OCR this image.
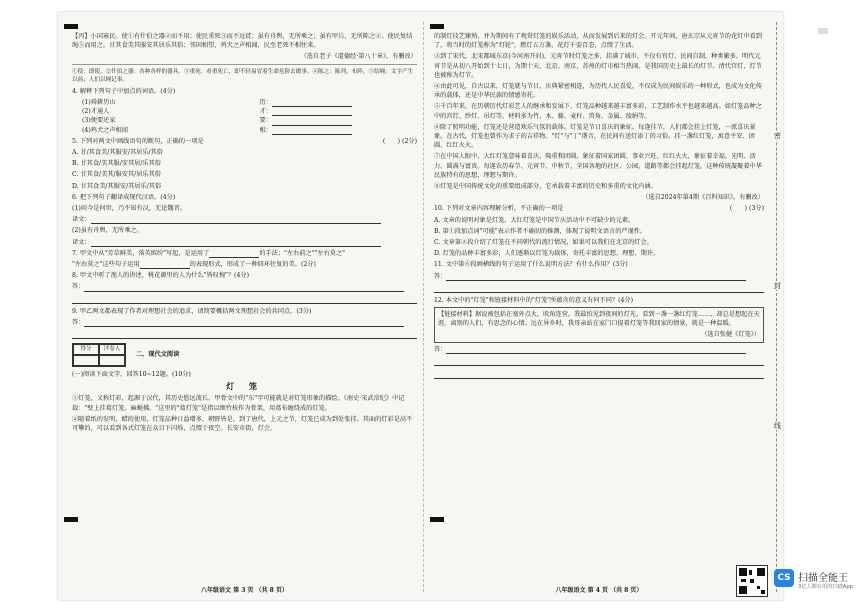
【丙】小国寡民。使①有什伯之器②而不用；使民重死③而不远徙；虽有舟舆，无所乘之；虽有甲兵，无所陈之④。使民复结绳⑤而用之。甘其食美其服安其居乐其俗；邻国相望，鸡犬之声相闻，民至老死不相往来。

（选自老子《道德经·第八十章》，有删改）

①使：即使。②什伯之器：各种各样的器具。③重死：看重死亡，即不轻易冒着生命危险去做事。④陈之：陈列，布阵。⑤结绳：文字产生以前，人们以绳记事。

4. 解释下列句子中加点的词语。(4分)

(1)舜耕历山	历：
(2)才通人	才：
(3)便要还家	要：
(4)鸡犬之声相闻	相：

5. 下列对两文中画线语句的断句，正确的一项是	(　　) (2分)

A. 甘/其食美/其服安/其居乐/其俗

B. 甘其食/美其服/安其居/乐其俗

C. 甘其食/美其/服安其/居乐其俗

D. 甘其食美/其服安/其居乐/其俗

6. 把下列句子翻译成现代汉语。(4分)

(1)问今是何世，乃不知有汉，无论魏晋。

译文：

(2)虽有舟舆，无所乘之。

译文：

7. 甲文中从"芳草鲜美，落英缤纷"写起，是运用了	的手法；"左右前之""左右莫之"

"左右莫之"这些句子运用	的表现形式，形成了一种回环往复的美。(2分)

8. 甲文中听了渔人的讲述，桃花源里的人为什么"皆叹惋"？(4分)

答：

9. 甲乙两文都表现了作者对理想社会的追求，请简要概括两文理想社会的共同点。(3分)

答：

得分	评卷人
二、现代文阅读

(一)阅读下面文字，回答10~12题。(10分)

灯 笼

①灯笼，又称灯彩，起源于汉代，其历史悠远流长。甲骨文中的"东"字可能就是对灯笼形象的描绘。《南史·宋武帝纪》中记载："壁上挂葛灯笼、麻蝇拂。"这里的"葛灯笼"是指以细竹枝作为骨架，用葛布缠绕成的灯笼。

②随着纸的发明，蜡的使用，灯笼品种日益增多，朝野皆是。到了唐代，上元之节，灯笼已成为到处张挂。其面的灯彩是高不可攀的，可以看到各式灯笼在众目下闪烁，点缀于夜空。长安市街，灯会，

八年级语文 第 3 页 （共 8 页）

的制灯技艺臻熟，并为期间有了观赏灯笼的娱乐活动，从而发展到后来的灯会。开元年间，唐玄宗从元宵节的花灯中看到了，将当时的灯笼称为"灯轮"，燃灯五万盏，花灯千姿百态，点缀了生活。

③到了宋代，北宋都城东京(今河南开封)，元宵节时灯笼之多，挂满了城市，不仅有官灯，民间自制，种类繁多。明代元宵节是从初八开始到十七日，为期十天，北京、南京、苏州的灯市相当热闹，是我国历史上最长的灯节。清代宫灯，灯节也被称为灯节。

④由此可见，自古以来，灯笼就与节日、庆典紧密相连，为历代人民喜爱，不仅成为民间娱乐的一种形式，也成为文化传承的载体，还是中华民族的情感寄托。

⑤千百年来，在历朝历代灯彩艺人的继承和发展下，灯笼品种越来越丰富多彩，工艺制作水平也越来越高。如灯笼品种之中的宫灯、纱灯、吊灯等，材料多为竹、木、藤、麦秆、兽角、金属、绫绢等。

⑥除了照明功能，灯笼还是营造欢乐气氛的载体。灯笼是节日喜庆的象征。每逢佳节，人们都会挂上灯笼，一派喜庆景象。在古代，灯笼也曾作为求子的吉祥物。"灯"与"丁"谐音，在民间有送灯添丁的习俗。挂一盏红灯笼，寓意平安、团圆、红红火火。

⑦在中国人眼中，大红灯笼意味着喜庆、隆重和团圆，象征着国家团圆、事业兴旺、红红火火，象征着幸福、光明、活力、圆满与富贵。每逢农历春节、元宵节、中秋节，全国各地的社区、公园、道路等都会挂起灯笼，这种传统凝聚着中华民族特有的思想、理想与期许。

⑧灯笼是中国传统文化的重要组成部分，它承载着丰富的历史和多重的文化内涵。

（选自2024年第4期《百科知识》，有删改）

10. 下列对文章内容理解分析，不正确的一项是	(　　) (3分)

A. 文章的说明对象是灯笼，大红灯笼是中国节庆活动中不可缺少的元素。

B. 第①段加点词"可能"表示作者不确切的推测，体现了说明文语言的严谨性。

C. 文章第②段介绍了灯笼在不同朝代的流行情况，如果可以我们在北京的灯会。

D. 灯笼的品种丰富多彩，人们逐渐以灯笼为载体，寄托丰富的思想、理想、期许。

11. 文中第⑥段画横线的句子运用了什么说明方法？有什么作用？(3分)

答：

12. 本文中的"灯笼"和链接材料中的"灯笼"所蕴含的意义有何不同？(4分)

【链接材料】据说被包括在塞外点火，吹角连营，我最怕见到夜间的灯光，看到一盏一盏红灯笼……，却总是想起在天涯，离别的人们，有思念的心情。远在异乡时，我母亲站在家门口提着灯笼等我回家的情景，就是一种温暖。

（选自张健《灯笼》）

答：

八年级语文 第 4 页 （共 8 页）
密
封
线
CS 扫描全能王
3亿人都在用的扫描App
